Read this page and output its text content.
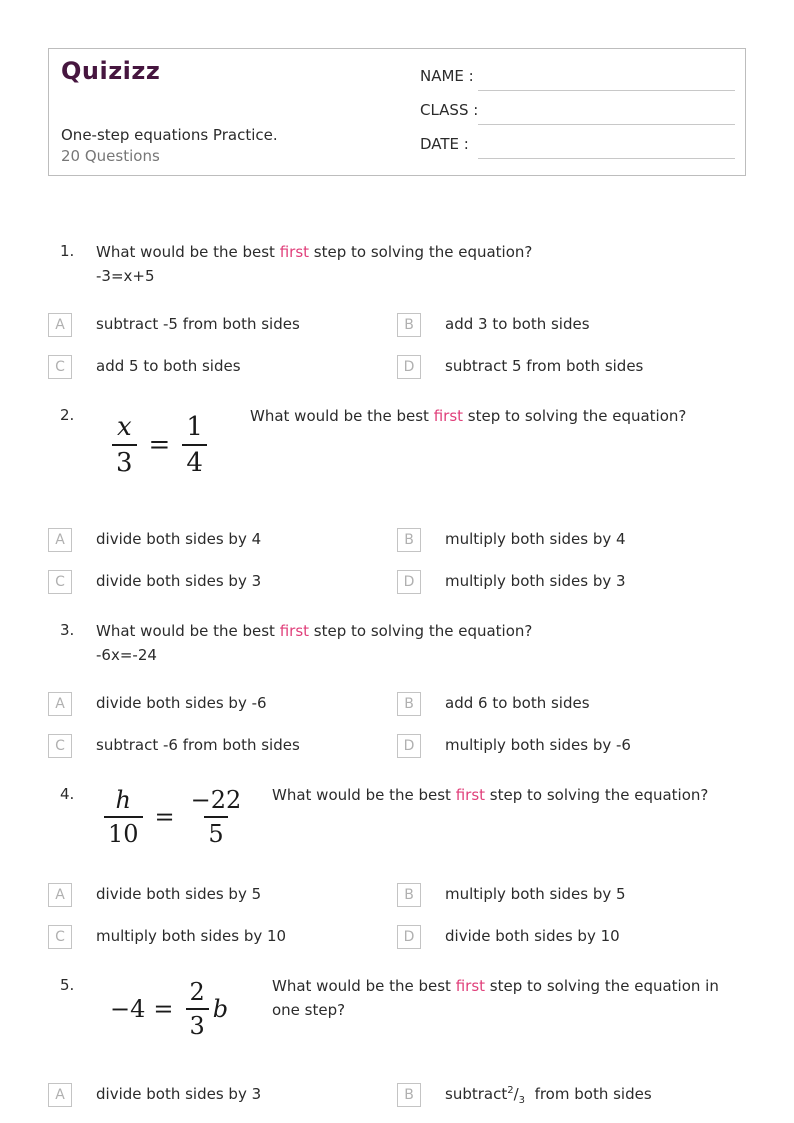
Quizizz
One-step equations Practice.
20 Questions
NAME :
CLASS :
DATE :
1. What would be the best first step to solving the equation?
-3=x+5
A	subtract -5 from both sides	B	add 3 to both sides
C	add 5 to both sides	D	subtract 5 from both sides
2. $\frac{x}{3} = \frac{1}{4}$	What would be the best first step to solving the equation?
A	divide both sides by 4	B	multiply both sides by 4
C	divide both sides by 3	D	multiply both sides by 3
3. What would be the best first step to solving the equation?
-6x=-24
A	divide both sides by -6	B	add 6 to both sides
C	subtract -6 from both sides	D	multiply both sides by -6
4. $\frac{h}{10} = \frac{-22}{5}$ What would be the best first step to solving the equation?
A	divide both sides by 5	B	multiply both sides by 5
C	multiply both sides by 10	D	divide both sides by 10
5.
$-4 = \frac{2}{3}$ b
What would be the best first step to solving the equation in one step?
A	divide both sides by 3	B	$subtract^2/_3$  from both sides
